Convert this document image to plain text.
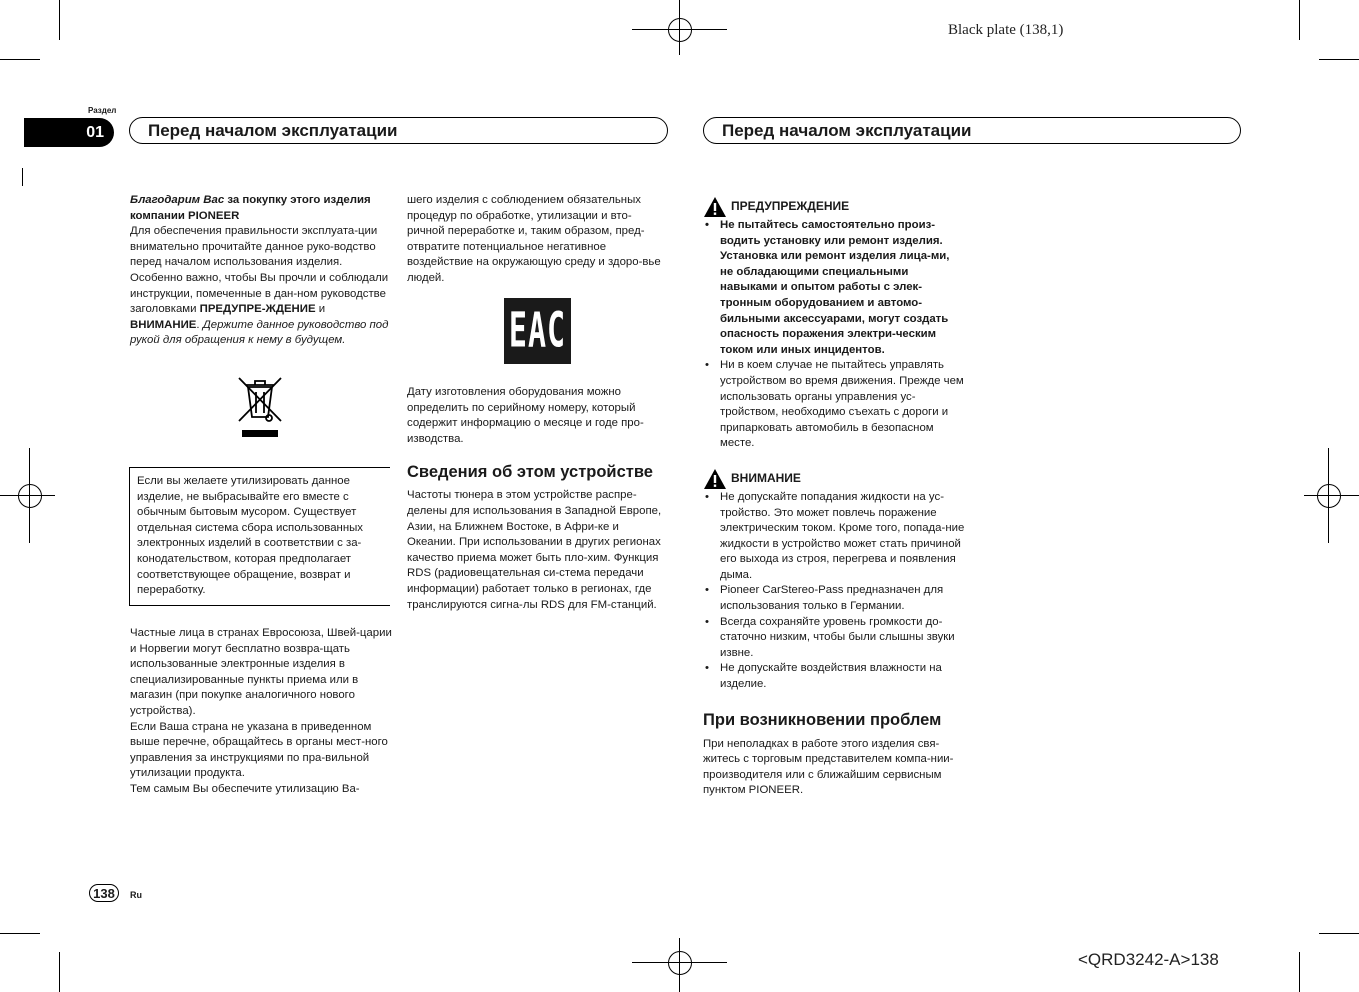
Black plate (138,1)
<QRD3242-A>138
Раздел
01	Перед началом эксплуатации	Перед началом эксплуатации

Благодарим Вас за покупку этого изделия компании PIONEER

Для обеспечения правильности эксплуата-ции внимательно прочитайте данное руко-водство перед началом использования изделия. Особенно важно, чтобы Вы прочли и соблюдали инструкции, помеченные в дан-ном руководстве заголовками ПРЕДУПРЕ-ЖДЕНИЕ и ВНИМАНИЕ. Держите данное руководство под рукой для обращения к нему в будущем.

Если вы желаете утилизировать данное изделие, не выбрасывайте его вместе с обычным бытовым мусором. Существует отдельная система сбора использованных электронных изделий в соответствии с за-конодательством, которая предполагает соответствующее обращение, возврат и переработку.

Частные лица в странах Евросоюза, Швей-царии и Норвегии могут бесплатно возвра-щать использованные электронные изделия в специализированные пункты приема или в магазин (при покупке аналогичного нового устройства).

Если Ваша страна не указана в приведенном выше перечне, обращайтесь в органы мест-ного управления за инструкциями по пра-вильной утилизации продукта.

Тем самым Вы обеспечите утилизацию Ва-

шего изделия с соблюдением обязательных процедур по обработке, утилизации и вто-ричной переработке и, таким образом, пред-отвратите потенциальное негативное воздействие на окружающую среду и здоро-вье людей.

EAC

Дату изготовления оборудования можно определить по серийному номеру, который содержит информацию о месяце и годе про-изводства.

Сведения об этом устройстве

Частоты тюнера в этом устройстве распре-делены для использования в Западной Европе, Азии, на Ближнем Востоке, в Афри-ке и Океании. При использовании в других регионах качество приема может быть пло-хим. Функция RDS (радиовещательная си-стема передачи информации) работает только в регионах, где транслируются сигна-лы RDS для FM-станций.

ПРЕДУПРЕЖДЕНИЕ
• Не пытайтесь самостоятельно произ-водить установку или ремонт изделия. Установка или ремонт изделия лица-ми, не обладающими специальными навыками и опытом работы с элек-тронным оборудованием и автомо-бильными аксессуарами, могут создать опасность поражения электри-ческим током или иных инцидентов.
• Ни в коем случае не пытайтесь управлять устройством во время движения. Прежде чем использовать органы управления ус-тройством, необходимо съехать с дороги и припарковать автомобиль в безопасном месте.
ВНИМАНИЕ
• Не допускайте попадания жидкости на ус-тройство. Это может повлечь поражение электрическим током. Кроме того, попада-ние жидкости в устройство может стать причиной его выхода из строя, перегрева и появления дыма.
• Pioneer CarStereo-Pass предназначен для использования только в Германии.
• Всегда сохраняйте уровень громкости до-статочно низким, чтобы были слышны звуки извне.
• Не допускайте воздействия влажности на изделие.

При возникновении проблем

При неполадках в работе этого изделия свя-житесь с торговым представителем компа-нии-производителя или с ближайшим сервисным пунктом PIONEER.

138	Ru
